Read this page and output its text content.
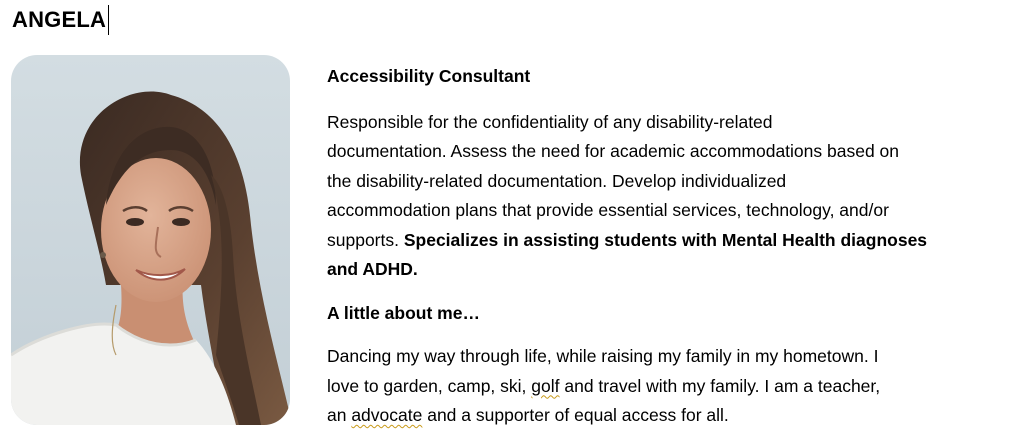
ANGELA

Accessibility Consultant

Responsible for the confidentiality of any disability-related
documentation. Assess the need for academic accommodations based on
the disability-related documentation. Develop individualized
accommodation plans that provide essential services, technology, and/or
supports. Specializes in assisting students with Mental Health diagnoses
and ADHD.

A little about me…

Dancing my way through life, while raising my family in my hometown. I
love to garden, camp, ski, golf and travel with my family. I am a teacher,
an advocate and a supporter of equal access for all.
